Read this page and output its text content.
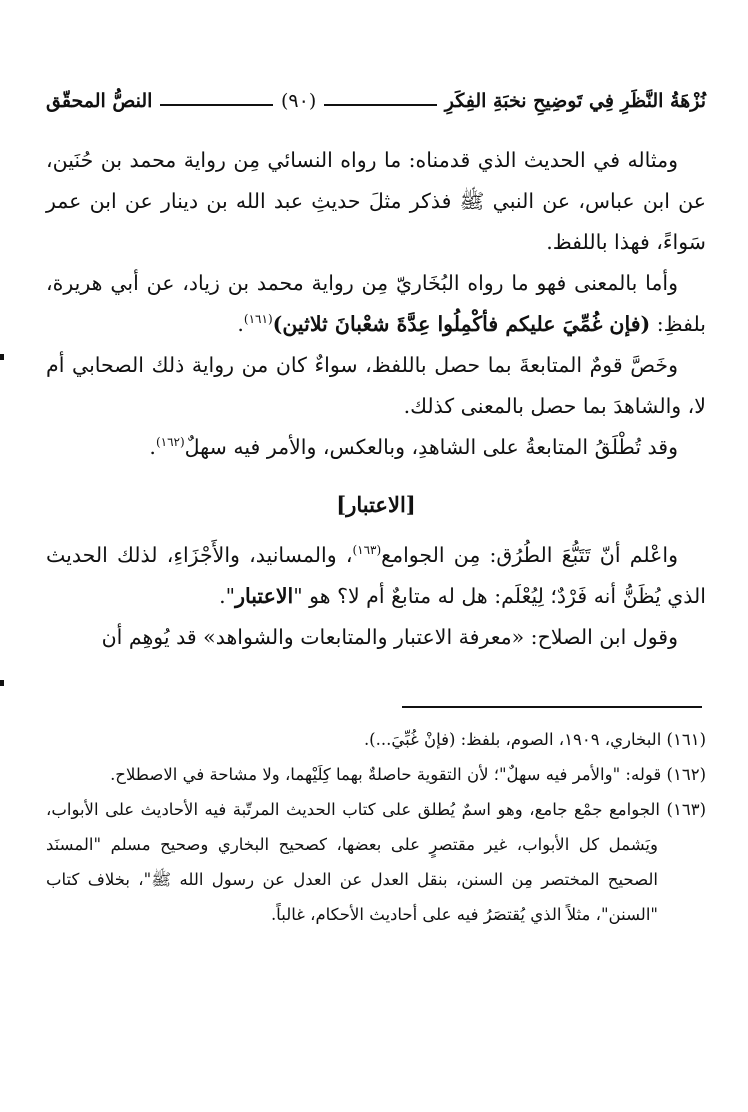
نُزْهَةُ النَّظَرِ فِي تَوضِيحِ نخبَةِ الفِكَرِ
(٩٠)
النصُّ المحقّق

ومثاله في الحديث الذي قدمناه: ما رواه النسائي مِن رواية محمد بن حُنَين، عن ابن عباس، عن النبي ﷺ فذكر مثلَ حديثِ عبد الله بن دينار عن ابن عمر سَواءً، فهذا باللفظ.

وأما بالمعنى فهو ما رواه البُخَاريّ مِن رواية محمد بن زياد، عن أبي هريرة، بلفظِ: (فإن غُمِّيَ عليكم فأكْمِلُوا عِدَّةَ شعْبانَ ثلاثين)$^{(١٦١)}$.

وخَصَّ قومٌ المتابعةَ بما حصل باللفظ، سواءٌ كان من رواية ذلك الصحابي أم لا، والشاهدَ بما حصل بالمعنى كذلك.

وقد تُطْلَقُ المتابعةُ على الشاهدِ، وبالعكس، والأمر فيه سهلٌ$^{(١٦٢)}$.

[الاعتبار]

واعْلم أنّ تَتَبُّعَ الطُرُق: مِن الجوامع$^{(١٦٣)}$، والمسانيد، والأَجْزَاءِ، لذلك الحديث الذي يُظَنُّ أنه فَرْدٌ؛ لِيُعْلَم: هل له متابعٌ أم لا؟ هو "الاعتبار".

وقول ابن الصلاح: «معرفة الاعتبار والمتابعات والشواهد» قد يُوهِم أن

(١٦١) البخاري، ١٩٠٩، الصوم، بلفظ: (فإنْ غُبِّيَ...).

(١٦٢) قوله: "والأمر فيه سهلٌ"؛ لأن التقوية حاصلةٌ بهما كِلَيْهما، ولا مشاحة في الاصطلاح.

(١٦٣) الجوامع جمْع جامع، وهو اسمٌ يُطلق على كتاب الحديث المرتّبة فيه الأحاديث على الأبواب، ويَشمل كل الأبواب، غير مقتصرٍ على بعضها، كصحيح البخاري وصحيح مسلم "المسنَد الصحيح المختصر مِن السنن، بنقل العدل عن العدل عن رسول الله ﷺ"، بخلاف كتاب "السنن"، مثلاً الذي يُقتصَرُ فيه على أحاديث الأحكام، غالباً.
